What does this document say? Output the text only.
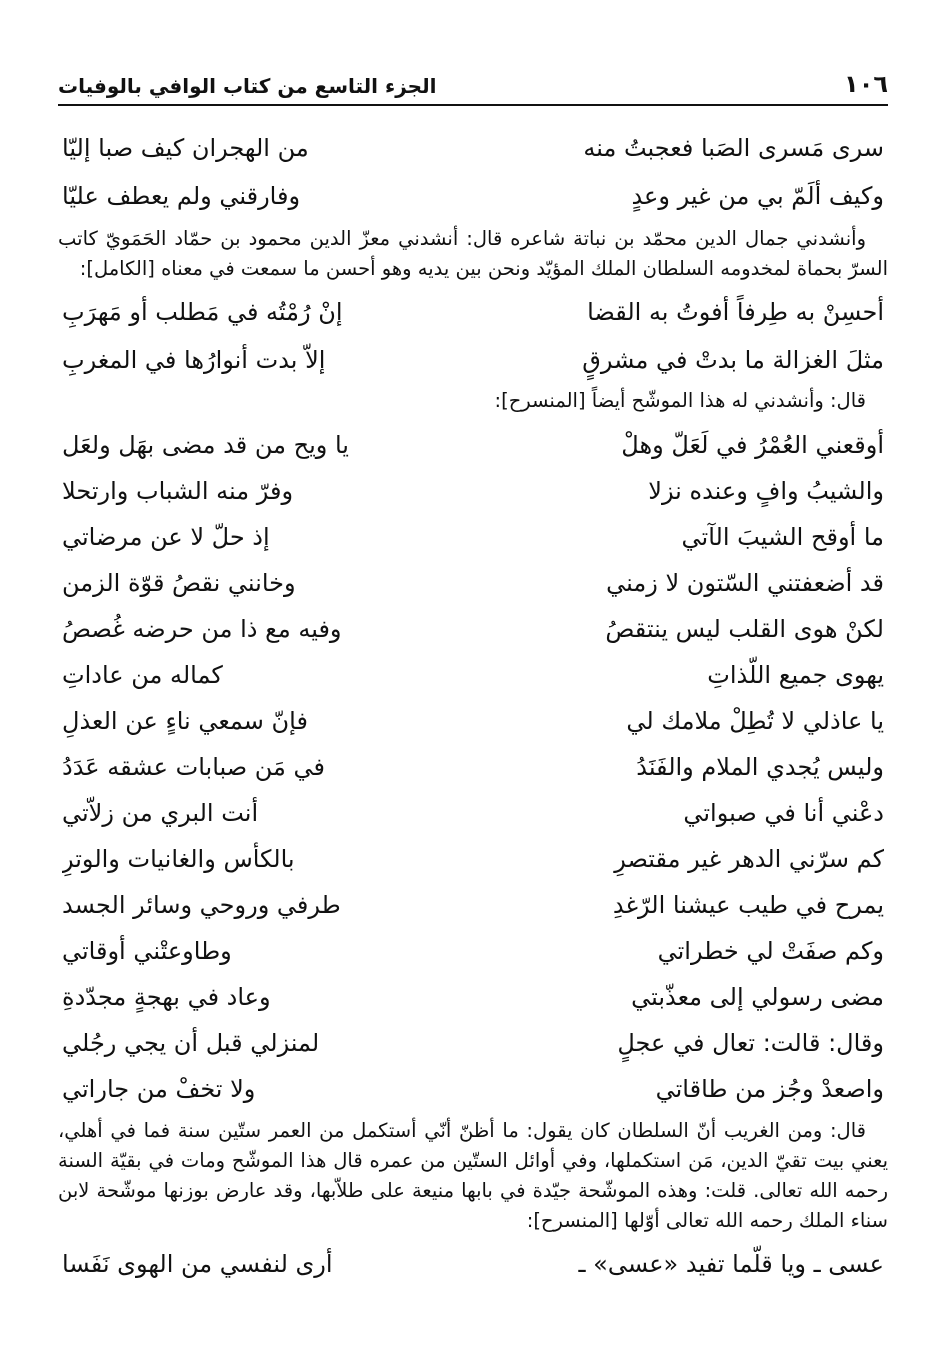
١٠٦
الجزء التاسع من كتاب الوافي بالوفيات
سرى مَسرى الصَبا فعجبتُ منه
من الهجران كيف صبا إليّا
وكيف ألَمّ بي من غير وعدٍ
وفارقني ولم يعطف عليّا

وأنشدني جمال الدين محمّد بن نباتة شاعره قال: أنشدني معزّ الدين محمود بن حمّاد الحَمَويّ كاتب السرّ بحماة لمخدومه السلطان الملك المؤيّد ونحن بين يديه وهو أحسن ما سمعت في معناه [الكامل]:

أحسِنْ به طِرفاً أفوتُ به القضا
إنْ رُمْتُه في مَطلب أو مَهرَبِ
مثلَ الغزالة ما بدتْ في مشرقٍ
إلاّ بدت أنوارُها في المغربِ

قال: وأنشدني له هذا الموشّح أيضاً [المنسرح]:

أوقعني العُمْرُ في لَعَلّ وهلْ
يا ويح من قد مضى بهَل ولعَل
والشيبُ وافٍ وعنده نزلا
وفرّ منه الشباب وارتحلا
ما أوقح الشيبَ الآتي
إذ حلّ لا عن مرضاتي
قد أضعفتني السّتون لا زمني
وخانني نقصُ قوّة الزمن
لكنْ هوى القلب ليس ينتقصُ
وفيه مع ذا من حرضه غُصصُ
يهوى جميع اللّذاتِ
كماله من عاداتِ
يا عاذلي لا تُطِلْ ملامك لي
فإنّ سمعي ناءٍ عن العذلِ
وليس يُجدي الملام والفَنَدُ
في مَن صبابات عشقه عَدَدُ
دعْني أنا في صبواتي
أنت البري من زلاّتي
كم سرّني الدهر غير مقتصرِ
بالكأس والغانيات والوترِ
يمرح في طيب عيشنا الرّغدِ
طرفي وروحي وسائر الجسد
وكم صفَتْ لي خطراتي
وطاوعتْني أوقاتي
مضى رسولي إلى معذّبتي
وعاد في بهجةٍ مجدّدةِ
وقال: قالت: تعال في عجلٍ
لمنزلي قبل أن يجي رجُلي
واصعدْ وجُز من طاقاتي
ولا تخفْ من جاراتي

قال: ومن الغريب أنّ السلطان كان يقول: ما أظنّ أنّي أستكمل من العمر ستّين سنة فما في أهلي، يعني بيت تقيّ الدين، مَن استكملها، وفي أوائل الستّين من عمره قال هذا الموشّح ومات في بقيّة السنة رحمه الله تعالى. قلت: وهذه الموشّحة جيّدة في بابها منيعة على طلاّبها، وقد عارض بوزنها موشّحة لابن سناء الملك رحمه الله تعالى أوّلها [المنسرح]:

عسى ـ ويا قلّما تفيد «عسى» ـ
أرى لنفسي من الهوى نَفَسا
